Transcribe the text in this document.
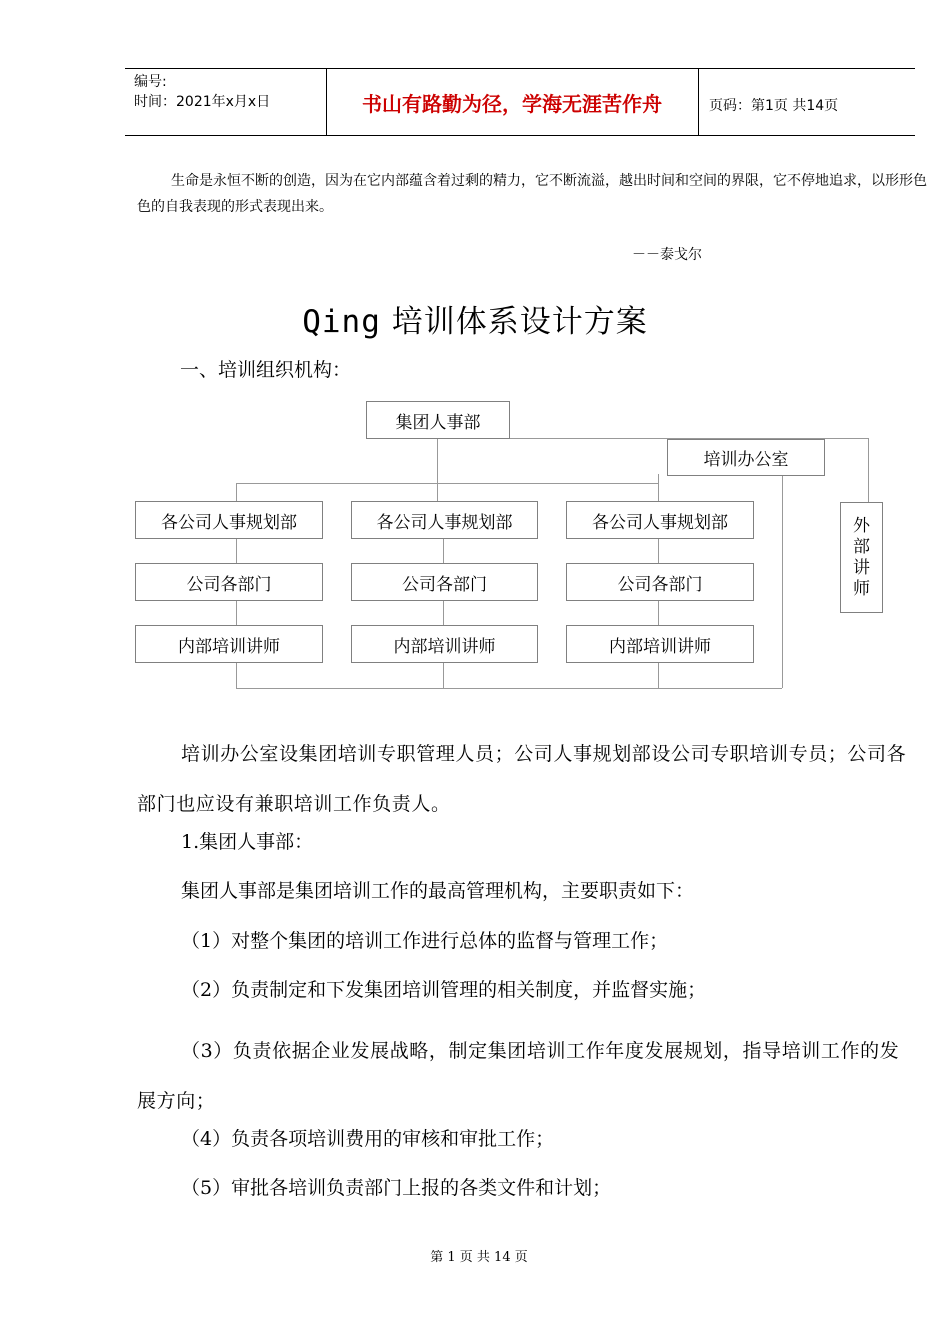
编号:
时间：2021年x月x日	书山有路勤为径，学海无涯苦作舟	页码：第1页 共14页
生命是永恒不断的创造，因为在它内部蕴含着过剩的精力，它不断流溢，越出时间和空间的界限，它不停地追求，以形形色色的自我表现的形式表现出来。
－－泰戈尔
Qing 培训体系设计方案
一、培训组织机构：
集团人事部
培训办公室
外
部
讲
师
各公司人事规划部
公司各部门
内部培训讲师
各公司人事规划部
公司各部门
内部培训讲师
各公司人事规划部
公司各部门
内部培训讲师
培训办公室设集团培训专职管理人员；公司人事规划部设公司专职培训专员；公司各部门也应设有兼职培训工作负责人。
1.集团人事部：
集团人事部是集团培训工作的最高管理机构，主要职责如下：
（1）对整个集团的培训工作进行总体的监督与管理工作；
（2）负责制定和下发集团培训管理的相关制度，并监督实施；
（3）负责依据企业发展战略，制定集团培训工作年度发展规划，指导培训工作的发展方向；
（4）负责各项培训费用的审核和审批工作；
（5）审批各培训负责部门上报的各类文件和计划；
第 1 页 共 14 页
